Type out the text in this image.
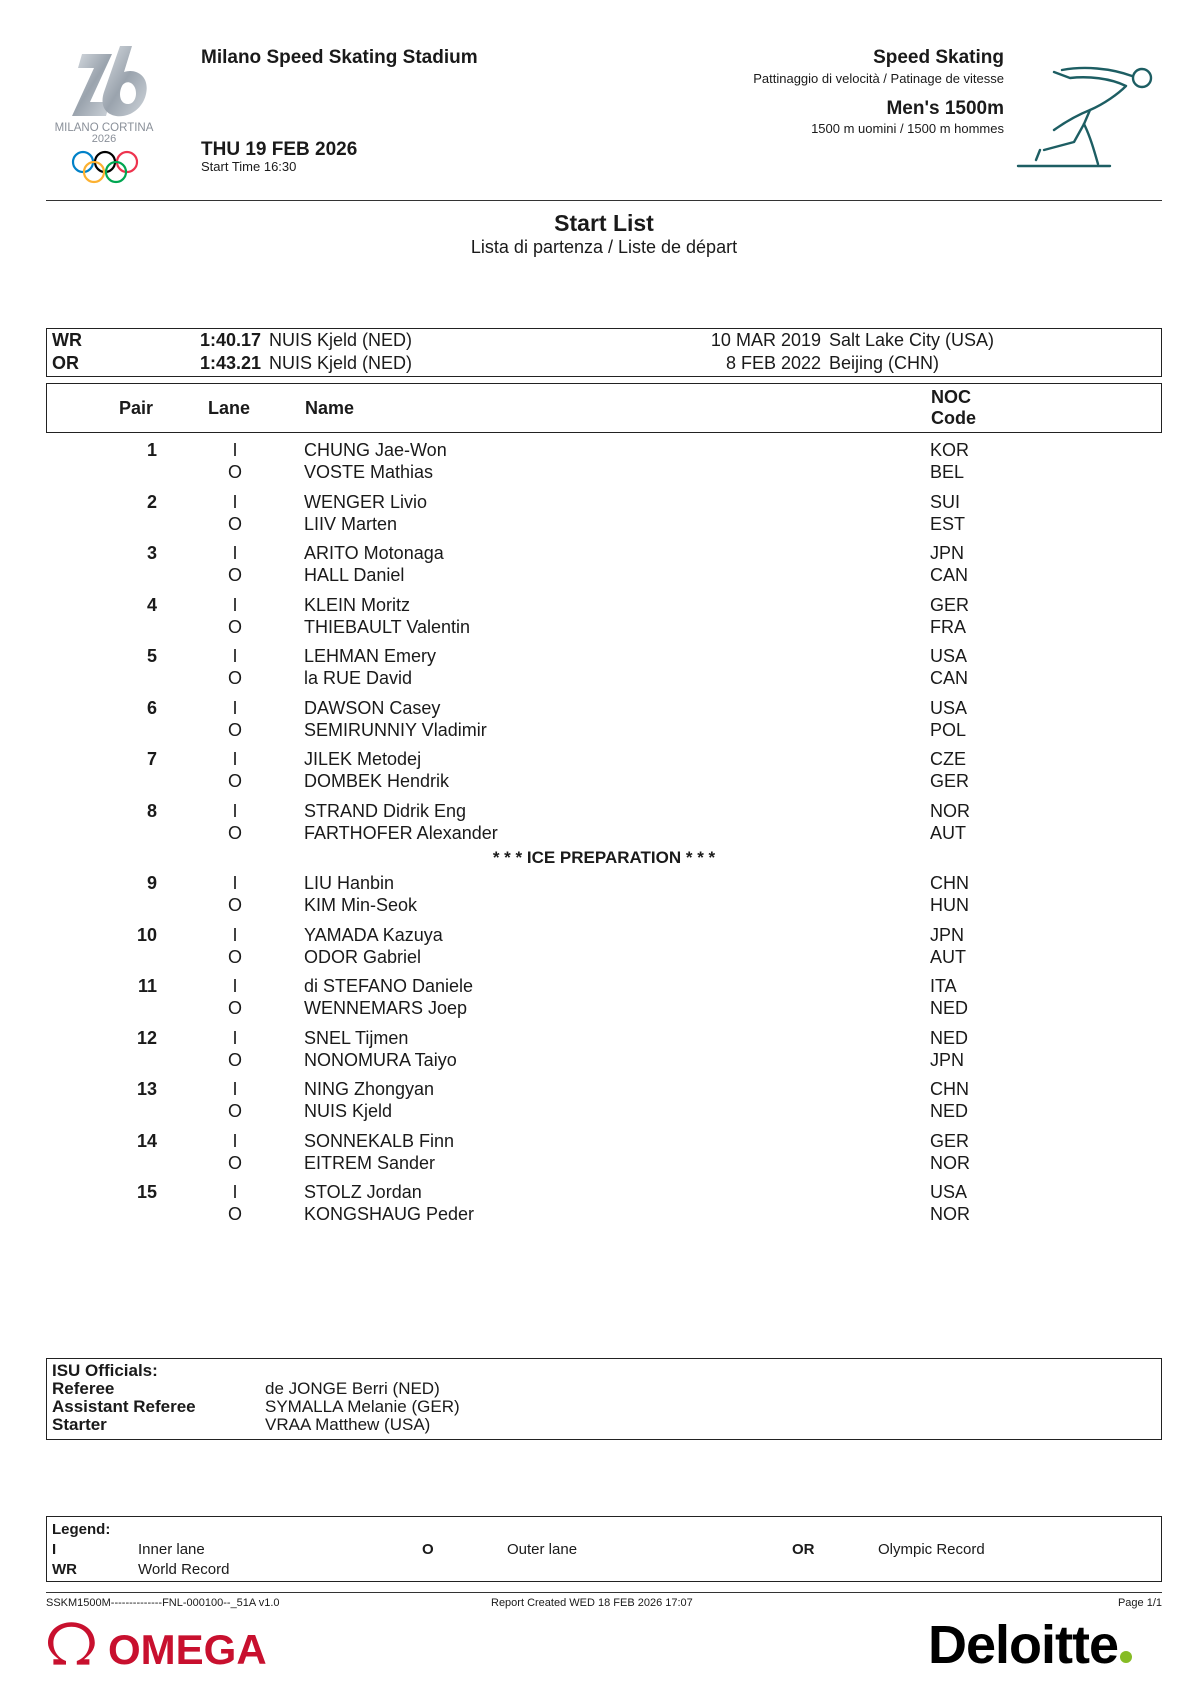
MILANO CORTINA
2026
Milano Speed Skating Stadium
THU 19 FEB 2026
Start Time 16:30
Speed Skating
Pattinaggio di velocità / Patinage de vitesse
Men's 1500m
1500 m uomini / 1500 m hommes
Start List
Lista di partenza / Liste de départ
WR	1:40.17 NUIS Kjeld (NED)	10 MAR 2019 Salt Lake City (USA)
OR	1:43.21 NUIS Kjeld (NED)	8 FEB 2022 Beijing (CHN)
Pair	Lane	Name
NOC
Code
1	I	CHUNG Jae-Won	KOR
O	VOSTE Mathias	BEL
2	I	WENGER Livio	SUI
O	LIIV Marten	EST
3	I	ARITO Motonaga	JPN
O	HALL Daniel	CAN
4	I	KLEIN Moritz	GER
O	THIEBAULT Valentin	FRA
5	I	LEHMAN Emery	USA
O	la RUE David	CAN
6	I	DAWSON Casey	USA
O	SEMIRUNNIY Vladimir	POL
7	I	JILEK Metodej	CZE
O	DOMBEK Hendrik	GER
8	I	STRAND Didrik Eng	NOR
O	FARTHOFER Alexander	AUT
* * * ICE PREPARATION * * *
9	I	LIU Hanbin	CHN
O	KIM Min-Seok	HUN
10	I	YAMADA Kazuya	JPN
O	ODOR Gabriel	AUT
11	I	di STEFANO Daniele	ITA
O	WENNEMARS Joep	NED
12	I	SNEL Tijmen	NED
O	NONOMURA Taiyo	JPN
13	I	NING Zhongyan	CHN
O	NUIS Kjeld	NED
14	I	SONNEKALB Finn	GER
O	EITREM Sander	NOR
15	I	STOLZ Jordan	USA
O	KONGSHAUG Peder	NOR
ISU Officials:
Referee	de JONGE Berri (NED)
Assistant Referee	SYMALLA Melanie (GER)
Starter	VRAA Matthew (USA)
Legend:
I	Inner lane	O	Outer lane	OR	Olympic Record
WR	World Record
SSKM1500M--------------FNL-000100--_51A v1.0	Report Created WED 18 FEB 2026 17:07	Page 1/1
OMEGA	Deloitte
